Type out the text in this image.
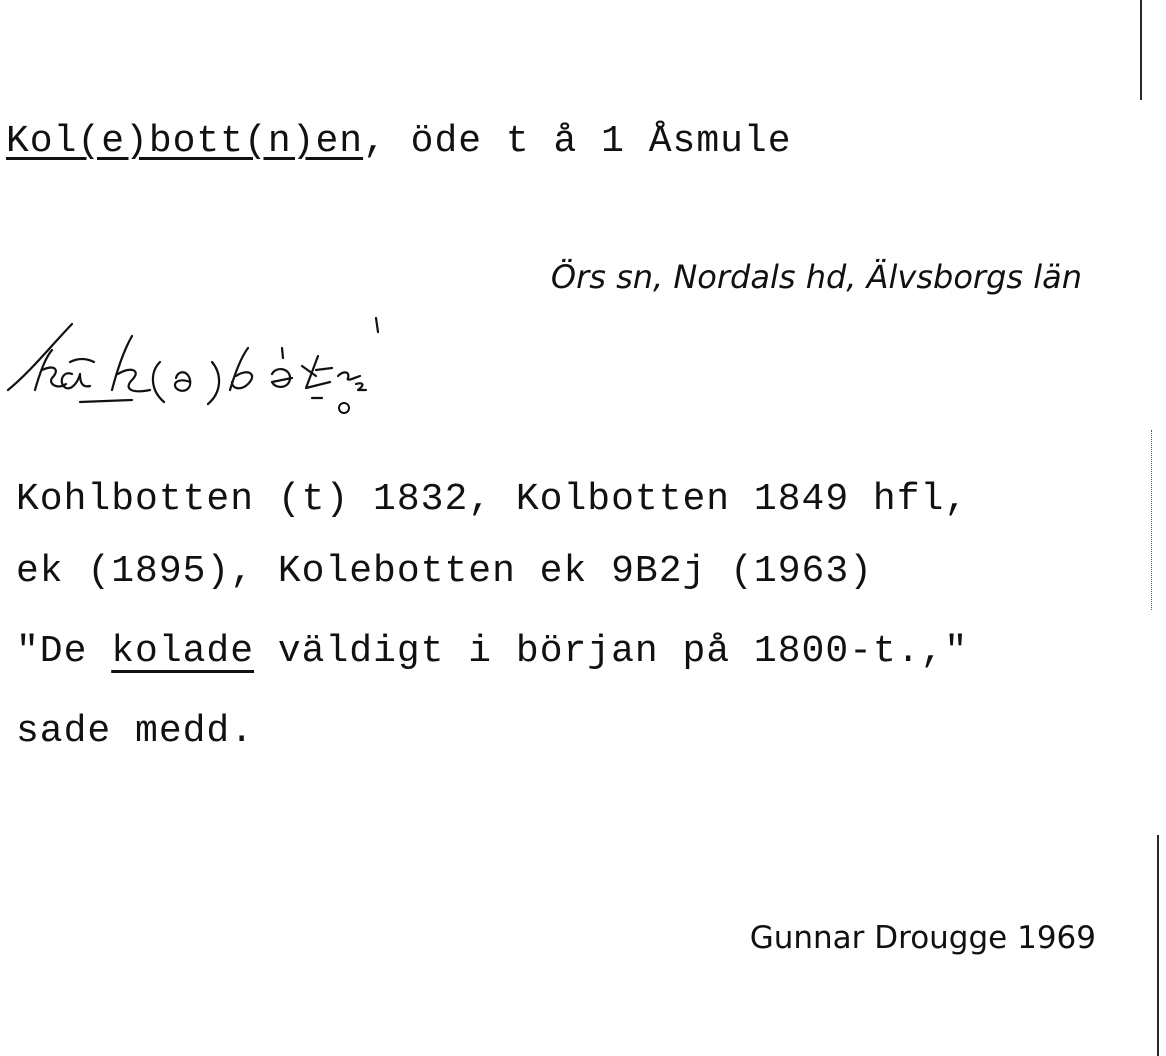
Kol(e)bott(n)en, öde t å 1 Åsmule
Örs sn, Nordals hd, Älvsborgs län
Kohlbotten (t) 1832, Kolbotten 1849 hfl,
ek (1895), Kolebotten ek 9B2j (1963)
"De kolade väldigt i början på 1800-t.,"
sade medd.
Gunnar Drougge 1969
